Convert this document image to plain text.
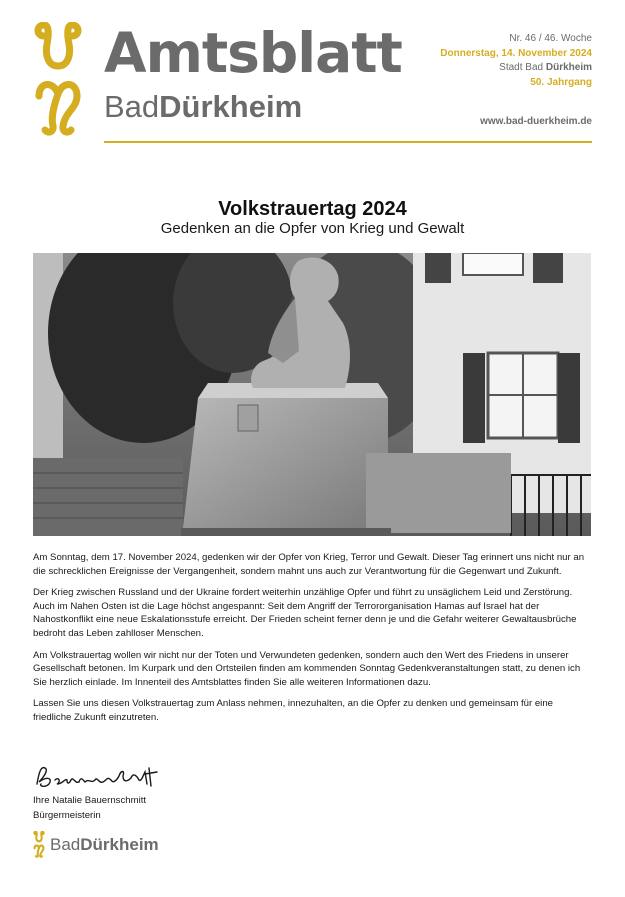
Amtsblatt
BadDürkheim
Nr. 46 / 46. Woche
Donnerstag, 14. November 2024
Stadt Bad Dürkheim
50. Jahrgang
www.bad-duerkheim.de
Volkstrauertag 2024
Gedenken an die Opfer von Krieg und Gewalt

Am Sonntag, dem 17. November 2024, gedenken wir der Opfer von Krieg, Terror und Gewalt. Dieser Tag erinnert uns nicht nur an die schrecklichen Ereignisse der Vergangenheit, sondern mahnt uns auch zur Verantwortung für die Gegenwart und Zukunft.

Der Krieg zwischen Russland und der Ukraine fordert weiterhin unzählige Opfer und führt zu unsäglichem Leid und Zerstörung. Auch im Nahen Osten ist die Lage höchst angespannt: Seit dem Angriff der Terrororganisation Hamas auf Israel hat der Nahostkonflikt eine neue Eskalationsstufe erreicht. Der Frieden scheint ferner denn je und die Gefahr weiterer Gewaltausbrüche bedroht das Leben zahlloser Menschen.

Am Volkstrauertag wollen wir nicht nur der Toten und Verwundeten gedenken, sondern auch den Wert des Friedens in unserer Gesellschaft betonen. Im Kurpark und den Ortsteilen finden am kommenden Sonntag Gedenkveranstaltungen statt, zu denen ich Sie herzlich einlade. Im Innenteil des Amtsblattes finden Sie alle weiteren Informationen dazu.

Lassen Sie uns diesen Volkstrauertag zum Anlass nehmen, innezuhalten, an die Opfer zu denken und gemeinsam für eine friedliche Zukunft einzutreten.

Ihre Natalie Bauernschmitt
Bürgermeisterin
BadDürkheim
